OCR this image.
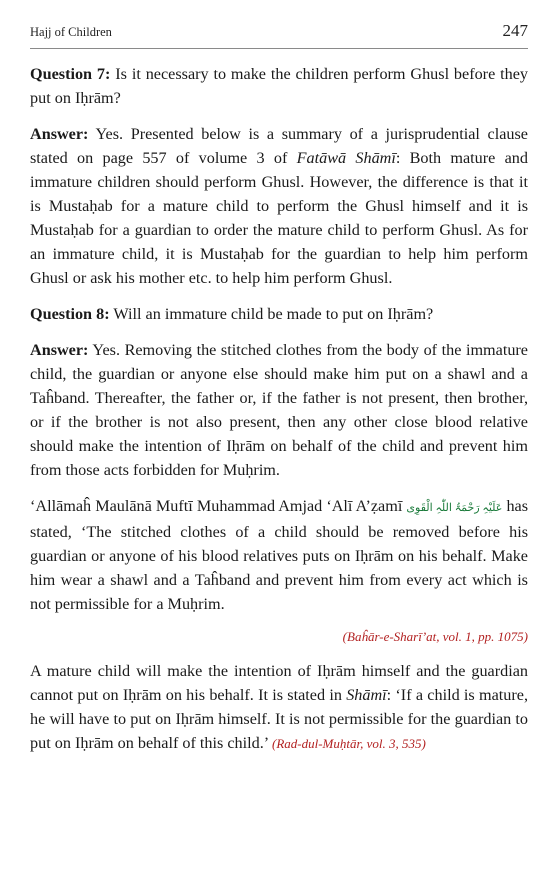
Hajj of Children	247

Question 7: Is it necessary to make the children perform Ghusl before they put on Iḥrām?

Answer: Yes. Presented below is a summary of a jurisprudential clause stated on page 557 of volume 3 of Fatāwā Shāmī: Both mature and immature children should perform Ghusl. However, the difference is that it is Mustaḥab for a mature child to perform the Ghusl himself and it is Mustaḥab for a guardian to order the mature child to perform Ghusl. As for an immature child, it is Mustaḥab for the guardian to help him perform Ghusl or ask his mother etc. to help him perform Ghusl.

Question 8: Will an immature child be made to put on Iḥrām?

Answer: Yes. Removing the stitched clothes from the body of the immature child, the guardian or anyone else should make him put on a shawl and a Taĥband. Thereafter, the father or, if the father is not present, then brother, or if the brother is not also present, then any other close blood relative should make the intention of Iḥrām on behalf of the child and prevent him from those acts forbidden for Muḥrim.

‘Allāmaĥ Maulānā Muftī Muhammad Amjad ‘Alī A’ẓamī عَلَیْہِ رَحْمَۃُ اللّٰہِ الْقَوِی has stated, ‘The stitched clothes of a child should be removed before his guardian or anyone of his blood relatives puts on Iḥrām on his behalf. Make him wear a shawl and a Taĥband and prevent him from every act which is not permissible for a Muḥrim.

(Baĥār-e-Sharī’at, vol. 1, pp. 1075)

A mature child will make the intention of Iḥrām himself and the guardian cannot put on Iḥrām on his behalf. It is stated in Shāmī: ‘If a child is mature, he will have to put on Iḥrām himself. It is not permissible for the guardian to put on Iḥrām on behalf of this child.’ (Rad-dul-Muḥtār, vol. 3, 535)
